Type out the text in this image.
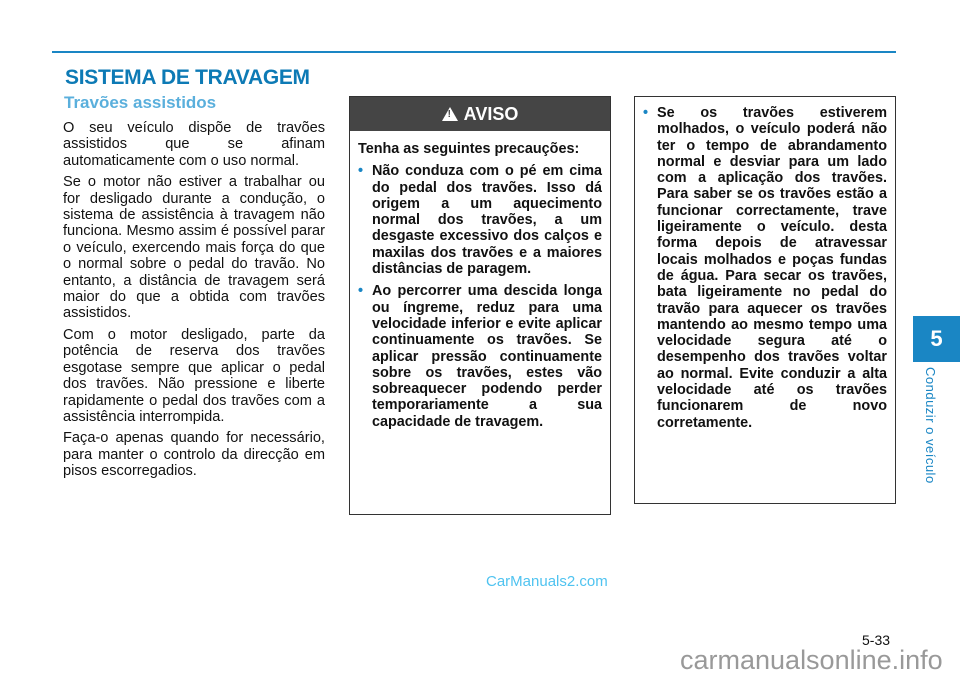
SISTEMA DE TRAVAGEM
Travões assistidos

O seu veículo dispõe de travões assistidos que se afinam automaticamente com o uso normal.

Se o motor não estiver a trabalhar ou for desligado durante a condução, o sistema de assistência à travagem não funciona. Mesmo assim é possível parar o veículo, exercendo mais força do que o normal sobre o pedal do travão. No entanto, a distância de travagem será maior do que a obtida com travões assistidos.

Com o motor desligado, parte da potência de reserva dos travões esgotase sempre que aplicar o pedal dos travões. Não pressione e liberte rapidamente o pedal dos travões com a assistência interrompida.

Faça-o apenas quando for necessário, para manter o controlo da direcção em pisos escorregadios.

!
AVISO

Tenha as seguintes precauções:

• Não conduza com o pé em cima do pedal dos travões. Isso dá origem a um aquecimento normal dos travões, a um desgaste excessivo dos calços e maxilas dos travões e a maiores distâncias de paragem.
• Ao percorrer uma descida longa ou íngreme, reduz para uma velocidade inferior e evite aplicar continuamente os travões. Se aplicar pressão continuamente sobre os travões, estes vão sobreaquecer podendo perder temporariamente a sua capacidade de travagem.
• Se os travões estiverem molhados, o veículo poderá não ter o tempo de abrandamento normal e desviar para um lado com a aplicação dos travões. Para saber se os travões estão a funcionar correctamente, trave ligeiramente o veículo. desta forma depois de atravessar locais molhados e poças fundas de água. Para secar os travões, bata ligeiramente no pedal do travão para aquecer os travões mantendo ao mesmo tempo uma velocidade segura até o desempenho dos travões voltar ao normal. Evite conduzir a alta velocidade até os travões funcionarem de novo corretamente.
5
Conduzir o veículo
5-33
CarManuals2.com
carmanualsonline.info
